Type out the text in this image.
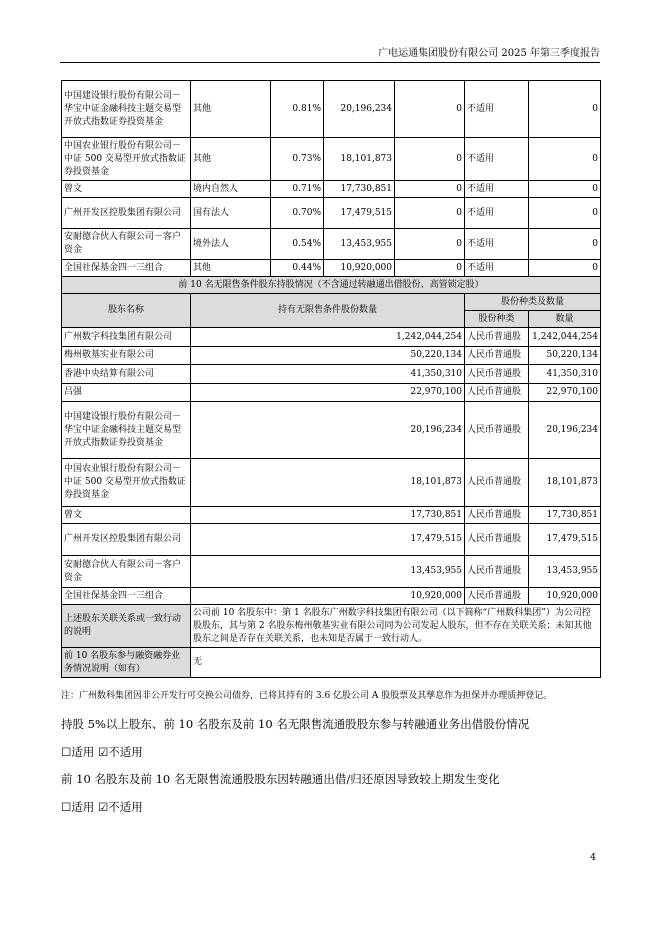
广电运通集团股份有限公司 2025 年第三季度报告
中国建设银行股份有限公司－华宝中证金融科技主题交易型开放式指数证券投资基金	其他	0.81%	20,196,234	0	不适用	0
中国农业银行股份有限公司－中证 500 交易型开放式指数证券投资基金	其他	0.73%	18,101,873	0	不适用	0
曾文	境内自然人	0.71%	17,730,851	0	不适用	0
广州开发区控股集团有限公司	国有法人	0.70%	17,479,515	0	不适用	0
安耐德合伙人有限公司－客户资金	境外法人	0.54%	13,453,955	0	不适用	0
全国社保基金四一三组合	其他	0.44%	10,920,000	0	不适用	0
前 10 名无限售条件股东持股情况（不含通过转融通出借股份、高管锁定股）						
股东名称	持有无限售条件股份数量				股份种类及数量	
					股份种类	数量
广州数字科技集团有限公司	1,242,044,254				人民币普通股	1,242,044,254
梅州敬基实业有限公司	50,220,134				人民币普通股	50,220,134
香港中央结算有限公司	41,350,310				人民币普通股	41,350,310
吕强	22,970,100				人民币普通股	22,970,100
中国建设银行股份有限公司－华宝中证金融科技主题交易型开放式指数证券投资基金	20,196,234				人民币普通股	20,196,234
中国农业银行股份有限公司－中证 500 交易型开放式指数证券投资基金	18,101,873				人民币普通股	18,101,873
曾文	17,730,851				人民币普通股	17,730,851
广州开发区控股集团有限公司	17,479,515				人民币普通股	17,479,515
安耐德合伙人有限公司－客户资金	13,453,955				人民币普通股	13,453,955
全国社保基金四一三组合	10,920,000				人民币普通股	10,920,000
上述股东关联关系或一致行动的说明	公司前 10 名股东中：第 1 名股东广州数字科技集团有限公司（以下简称“广州数科集团”）为公司控股股东，其与第 2 名股东梅州敬基实业有限公司同为公司发起人股东，但不存在关联关系；未知其他股东之间是否存在关联关系，也未知是否属于一致行动人。					
前 10 名股东参与融资融券业务情况说明（如有）	无					
注：广州数科集团因非公开发行可交换公司债券，已将其持有的 3.6 亿股公司 A 股股票及其孳息作为担保并办理质押登记。
持股 5%以上股东、前 10 名股东及前 10 名无限售流通股股东参与转融通业务出借股份情况
☐适用 ☑不适用
前 10 名股东及前 10 名无限售流通股股东因转融通出借/归还原因导致较上期发生变化
☐适用 ☑不适用
4
